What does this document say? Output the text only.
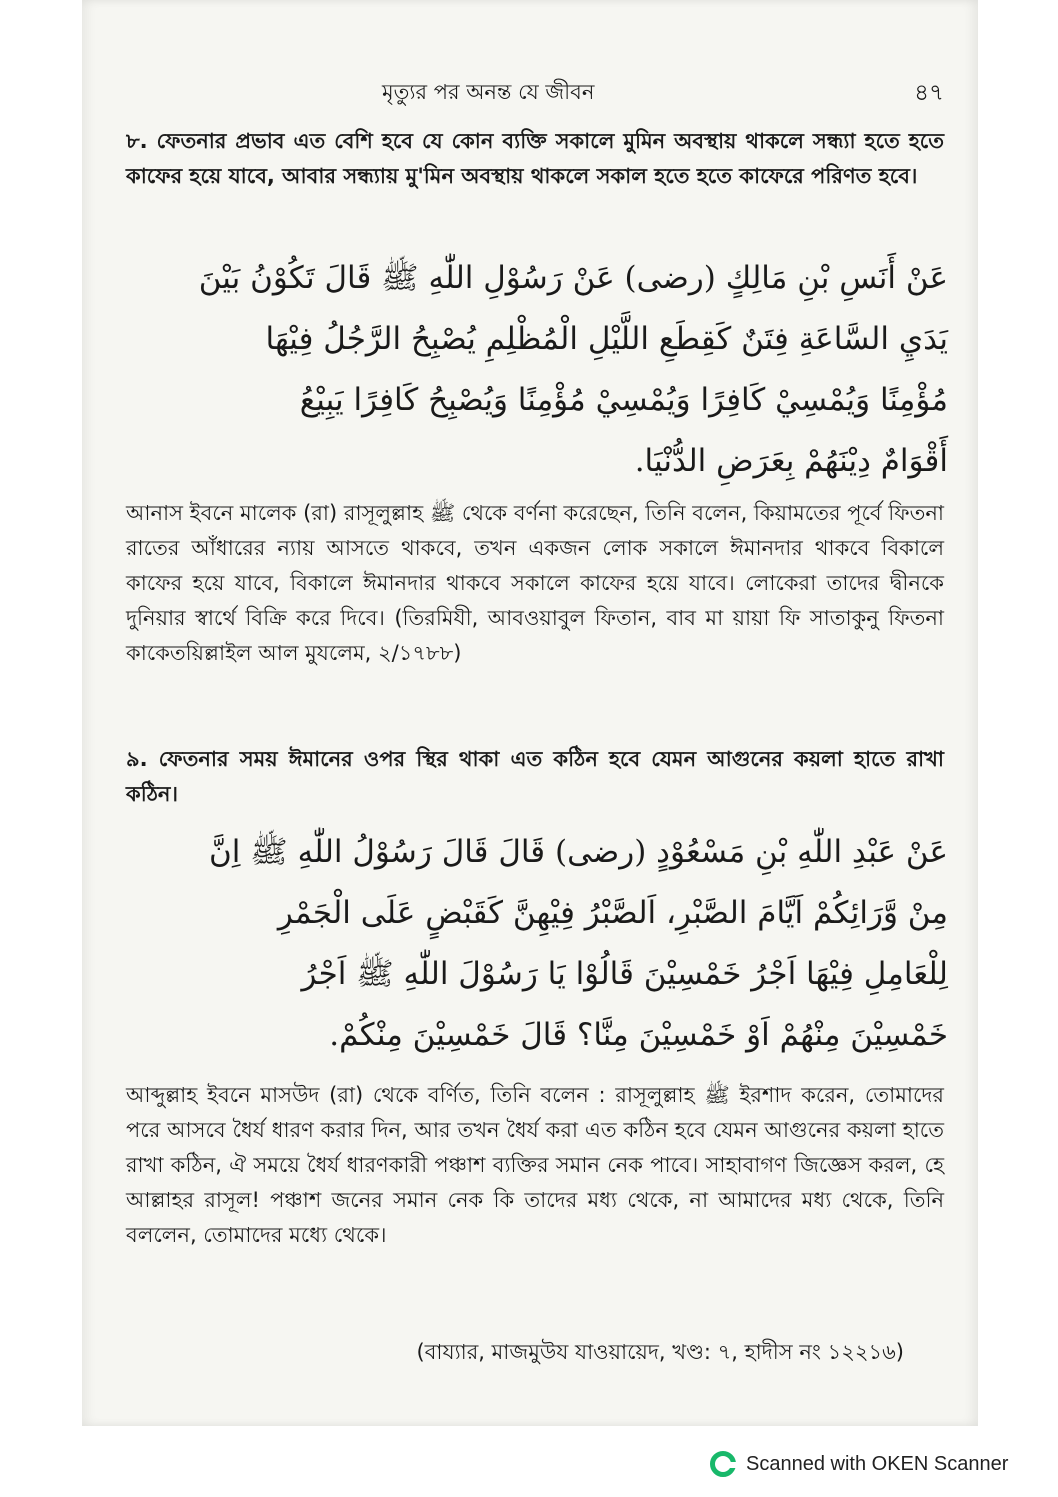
মৃত্যুর পর অনন্ত যে জীবন	৪৭

৮. ফেতনার প্রভাব এত বেশি হবে যে কোন ব্যক্তি সকালে মুমিন অবস্থায় থাকলে সন্ধ্যা হতে হতে কাফের হয়ে যাবে, আবার সন্ধ্যায় মু'মিন অবস্থায় থাকলে সকাল হতে হতে কাফেরে পরিণত হবে।

عَنْ أَنَسِ بْنِ مَالِكٍ (رضى) عَنْ رَسُوْلِ اللّٰهِ ﷺ قَالَ تَكُوْنُ بَيْنَ
يَدَيِ السَّاعَةِ فِتَنٌ كَقِطَعِ اللَّيْلِ الْمُظْلِمِ يُصْبِحُ الرَّجُلُ فِيْهَا
مُؤْمِنًا وَيُمْسِيْ كَافِرًا وَيُمْسِيْ مُؤْمِنًا وَيُصْبِحُ كَافِرًا يَبِيْعُ
أَقْوَامٌ دِيْنَهُمْ بِعَرَضِ الدُّنْيَا.

আনাস ইবনে মালেক (রা) রাসূলুল্লাহ ﷺ থেকে বর্ণনা করেছেন, তিনি বলেন, কিয়ামতের পূর্বে ফিতনা রাতের আঁধারের ন্যায় আসতে থাকবে, তখন একজন লোক সকালে ঈমানদার থাকবে বিকালে কাফের হয়ে যাবে, বিকালে ঈমানদার থাকবে সকালে কাফের হয়ে যাবে। লোকেরা তাদের দ্বীনকে দুনিয়ার স্বার্থে বিক্রি করে দিবে। (তিরমিযী, আবওয়াবুল ফিতান, বাব মা য়ায়া ফি সাতাকুনু ফিতনা কাকেতয়িল্লাইল আল মুযলেম, ২/১৭৮৮)

৯. ফেতনার সময় ঈমানের ওপর স্থির থাকা এত কঠিন হবে যেমন আগুনের কয়লা হাতে রাখা কঠিন।

عَنْ عَبْدِ اللّٰهِ بْنِ مَسْعُوْدٍ (رضى) قَالَ قَالَ رَسُوْلُ اللّٰهِ ﷺ اِنَّ
مِنْ وَّرَائِكُمْ اَيَّامَ الصَّبْرِ، اَلصَّبْرُ فِيْهِنَّ كَقَبْضٍ عَلَى الْجَمْرِ
لِلْعَامِلِ فِيْهَا اَجْرُ خَمْسِيْنَ قَالُوْا يَا رَسُوْلَ اللّٰهِ ﷺ اَجْرُ
خَمْسِيْنَ مِنْهُمْ اَوْ خَمْسِيْنَ مِنَّا؟ قَالَ خَمْسِيْنَ مِنْكُمْ.

আব্দুল্লাহ ইবনে মাসউদ (রা) থেকে বর্ণিত, তিনি বলেন : রাসূলুল্লাহ ﷺ ইরশাদ করেন, তোমাদের পরে আসবে ধৈর্য ধারণ করার দিন, আর তখন ধৈর্য করা এত কঠিন হবে যেমন আগুনের কয়লা হাতে রাখা কঠিন, ঐ সময়ে ধৈর্য ধারণকারী পঞ্চাশ ব্যক্তির সমান নেক পাবে। সাহাবাগণ জিজ্ঞেস করল, হে আল্লাহর রাসূল! পঞ্চাশ জনের সমান নেক কি তাদের মধ্য থেকে, না আমাদের মধ্য থেকে, তিনি বললেন, তোমাদের মধ্যে থেকে।

(বায্যার, মাজমুউয যাওয়ায়েদ, খণ্ড: ৭, হাদীস নং ১২২১৬)
Scanned with OKEN Scanner
